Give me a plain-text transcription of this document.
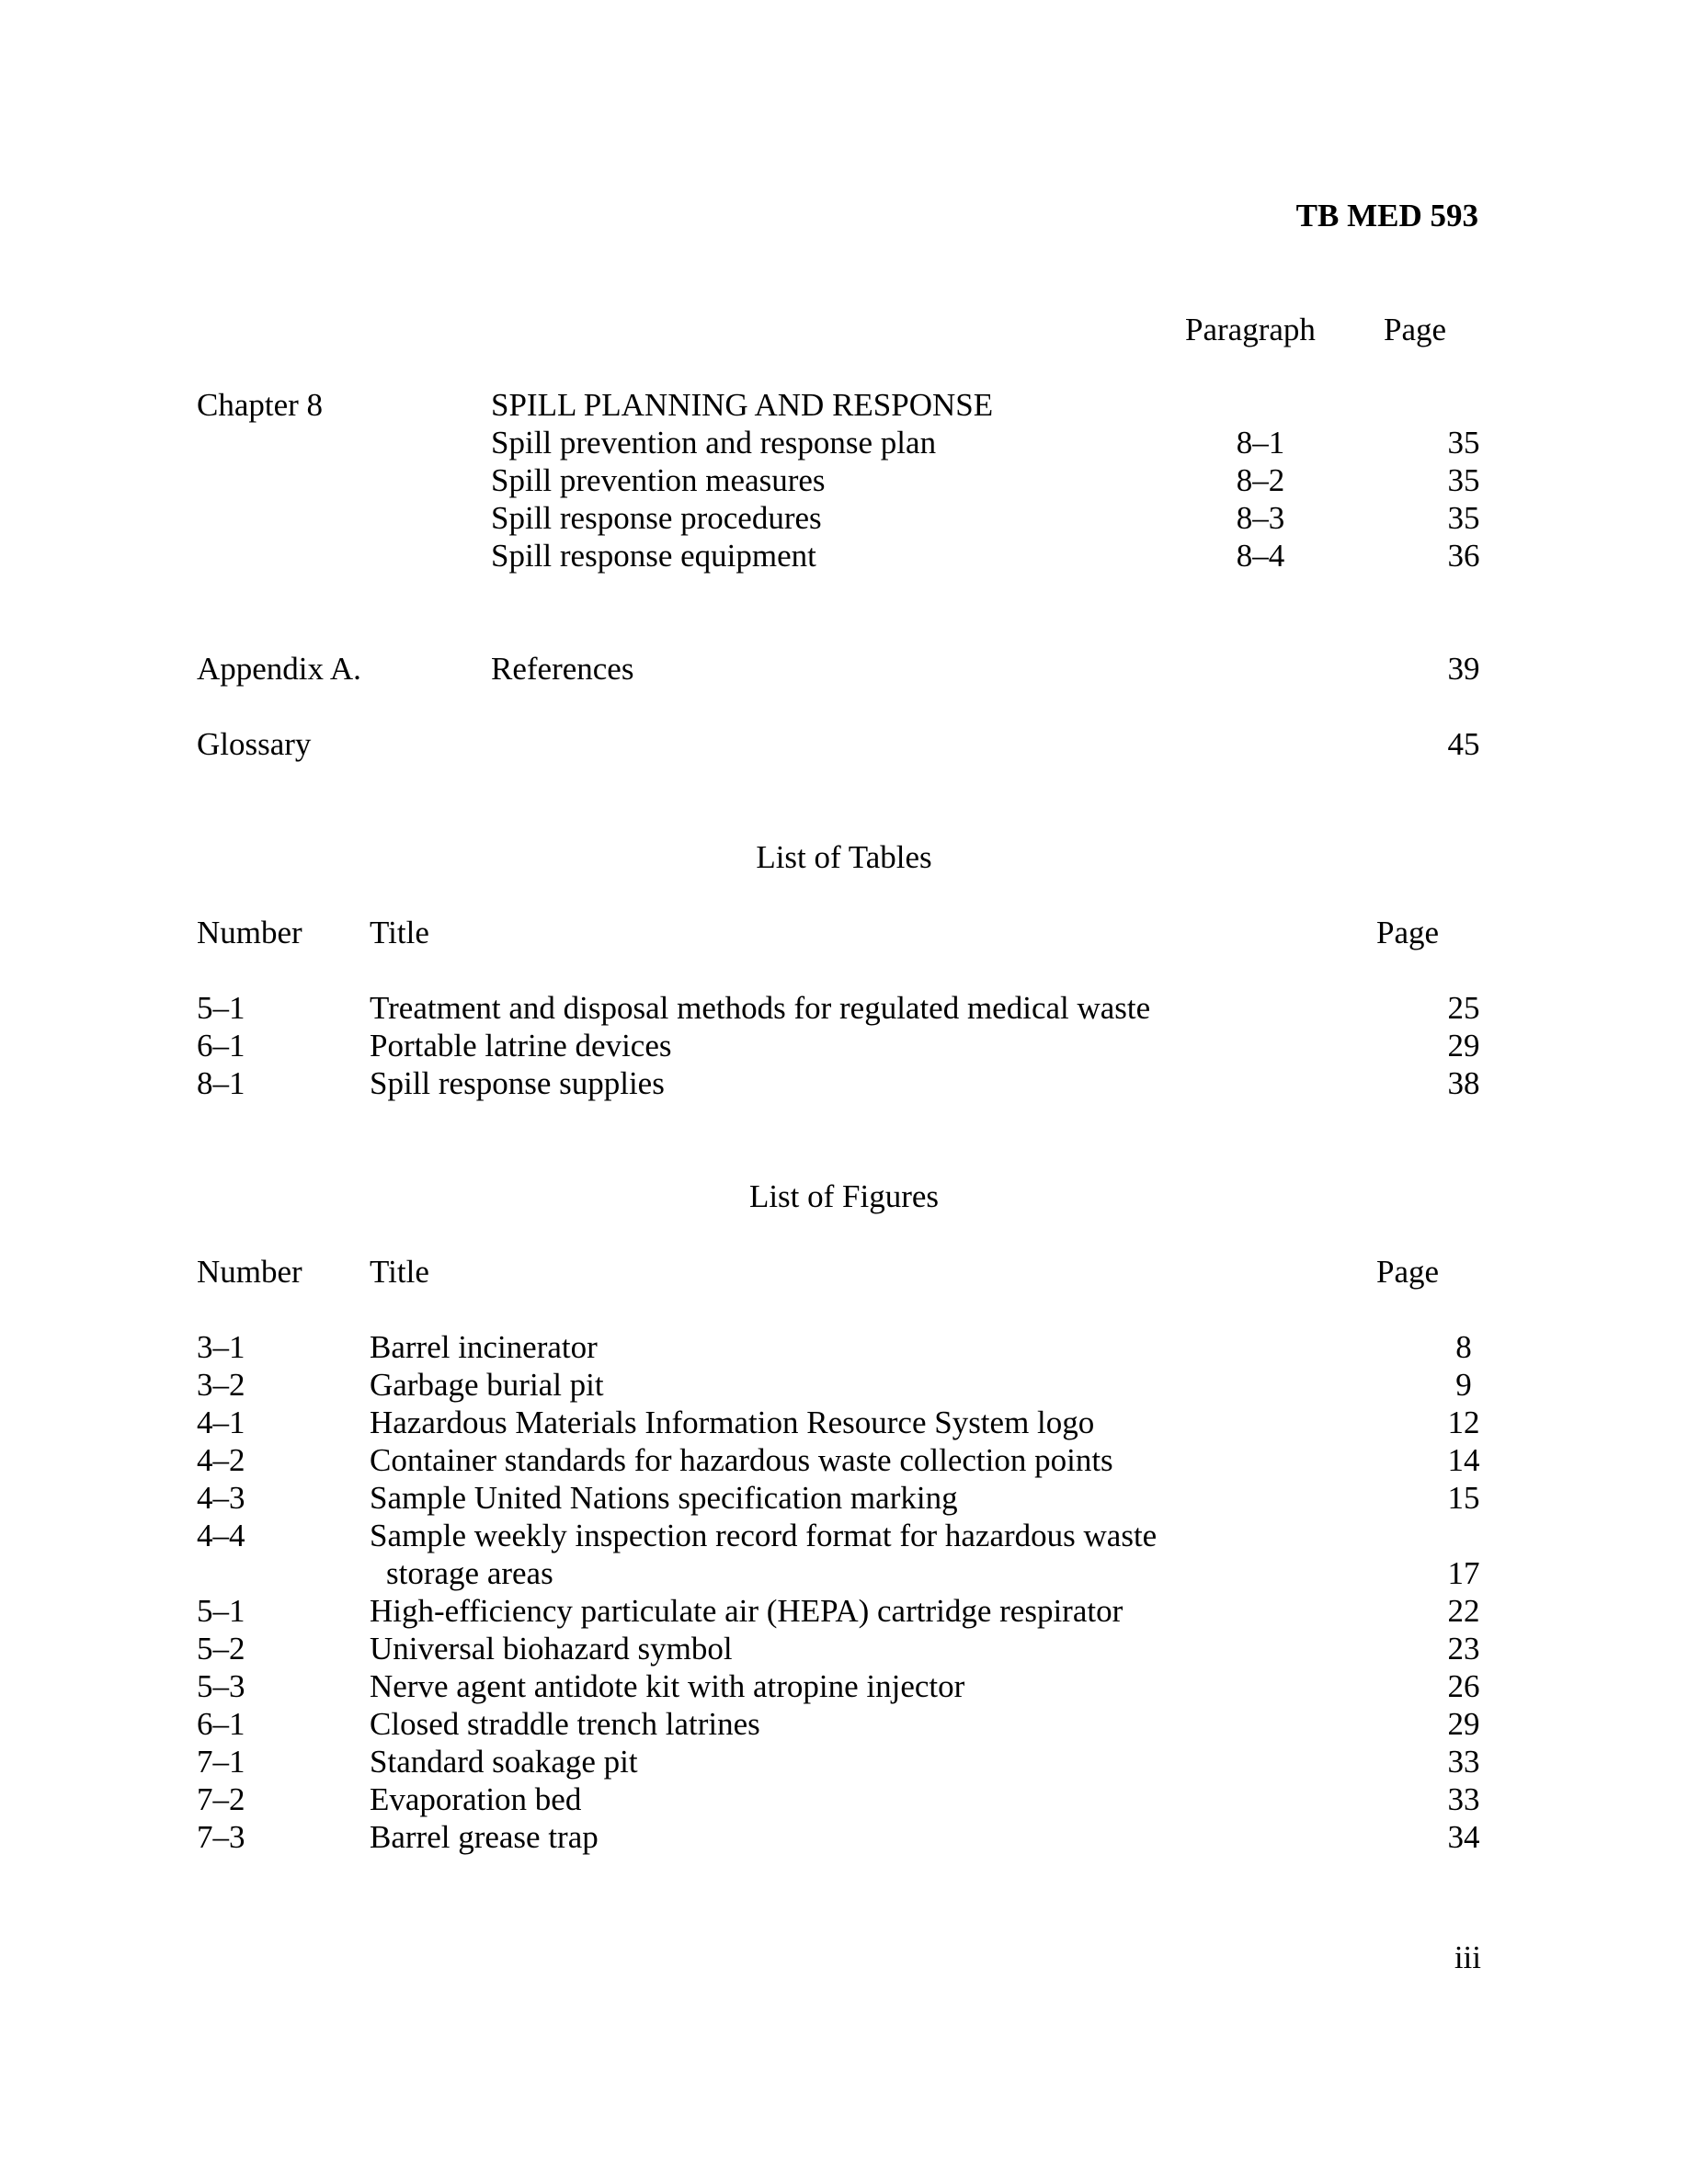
TB MED 593
Paragraph Page
Chapter 8	SPILL PLANNING AND RESPONSE
Spill prevention and response plan	8–1	35
Spill prevention measures	8–2	35
Spill response procedures	8–3	35
Spill response equipment	8–4	36
Appendix A.	References	39
Glossary	45
List of Tables
Number Title	Page
5–1	Treatment and disposal methods for regulated medical waste	25
6–1	Portable latrine devices	29
8–1	Spill response supplies	38
List of Figures
Number Title	Page
3–1	Barrel incinerator	8
3–2	Garbage burial pit	9
4–1	Hazardous Materials Information Resource System logo	12
4–2	Container standards for hazardous waste collection points	14
4–3	Sample United Nations specification marking	15
4–4	Sample weekly inspection record format for hazardous waste
storage areas	17
5–1	High-efficiency particulate air (HEPA) cartridge respirator	22
5–2	Universal biohazard symbol	23
5–3	Nerve agent antidote kit with atropine injector	26
6–1	Closed straddle trench latrines	29
7–1	Standard soakage pit	33
7–2	Evaporation bed	33
7–3	Barrel grease trap	34
iii
